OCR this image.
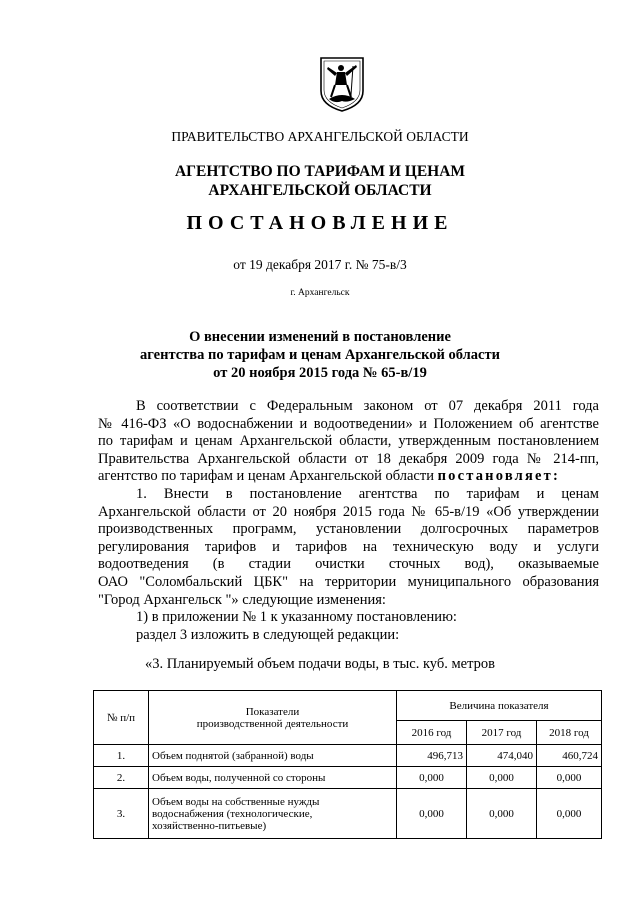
ПРАВИТЕЛЬСТВО АРХАНГЕЛЬСКОЙ ОБЛАСТИ
АГЕНТСТВО ПО ТАРИФАМ И ЦЕНАМ
АРХАНГЕЛЬСКОЙ ОБЛАСТИ
ПОСТАНОВЛЕНИЕ
от 19 декабря 2017 г. № 75-в/3
г. Архангельск
О внесении изменений в постановление
агентства по тарифам и ценам Архангельской области
от 20 ноября 2015 года № 65-в/19
В соответствии с Федеральным законом от 07 декабря 2011 года
№ 416-ФЗ «О водоснабжении и водоотведении» и Положением об агентстве
по тарифам и ценам Архангельской области, утвержденным постановлением
Правительства Архангельской области от 18 декабря 2009 года № 214-пп,
агентство по тарифам и ценам Архангельской области постановляет:
1. Внести в постановление агентства по тарифам и ценам
Архангельской области от 20 ноября 2015 года № 65-в/19 «Об утверждении
производственных программ, установлении долгосрочных параметров
регулирования тарифов и тарифов на техническую воду и услуги
водоотведения (в стадии очистки сточных вод), оказываемые
ОАО "Соломбальский ЦБК" на территории муниципального образования
"Город Архангельск "» следующие изменения:
1) в приложении № 1 к указанному постановлению:
раздел 3 изложить в следующей редакции:
«3. Планируемый объем подачи воды, в тыс. куб. метров
№ п/п	Показатели
производственной деятельности	Величина показателя		
		2016 год	2017 год	2018 год
1.	Объем поднятой (забранной) воды	496,713	474,040	460,724
2.	Объем воды, полученной со стороны	0,000	0,000	0,000
3.	Объем воды на собственные нужды
водоснабжения (технологические,
хозяйственно-питьевые)	0,000	0,000	0,000
